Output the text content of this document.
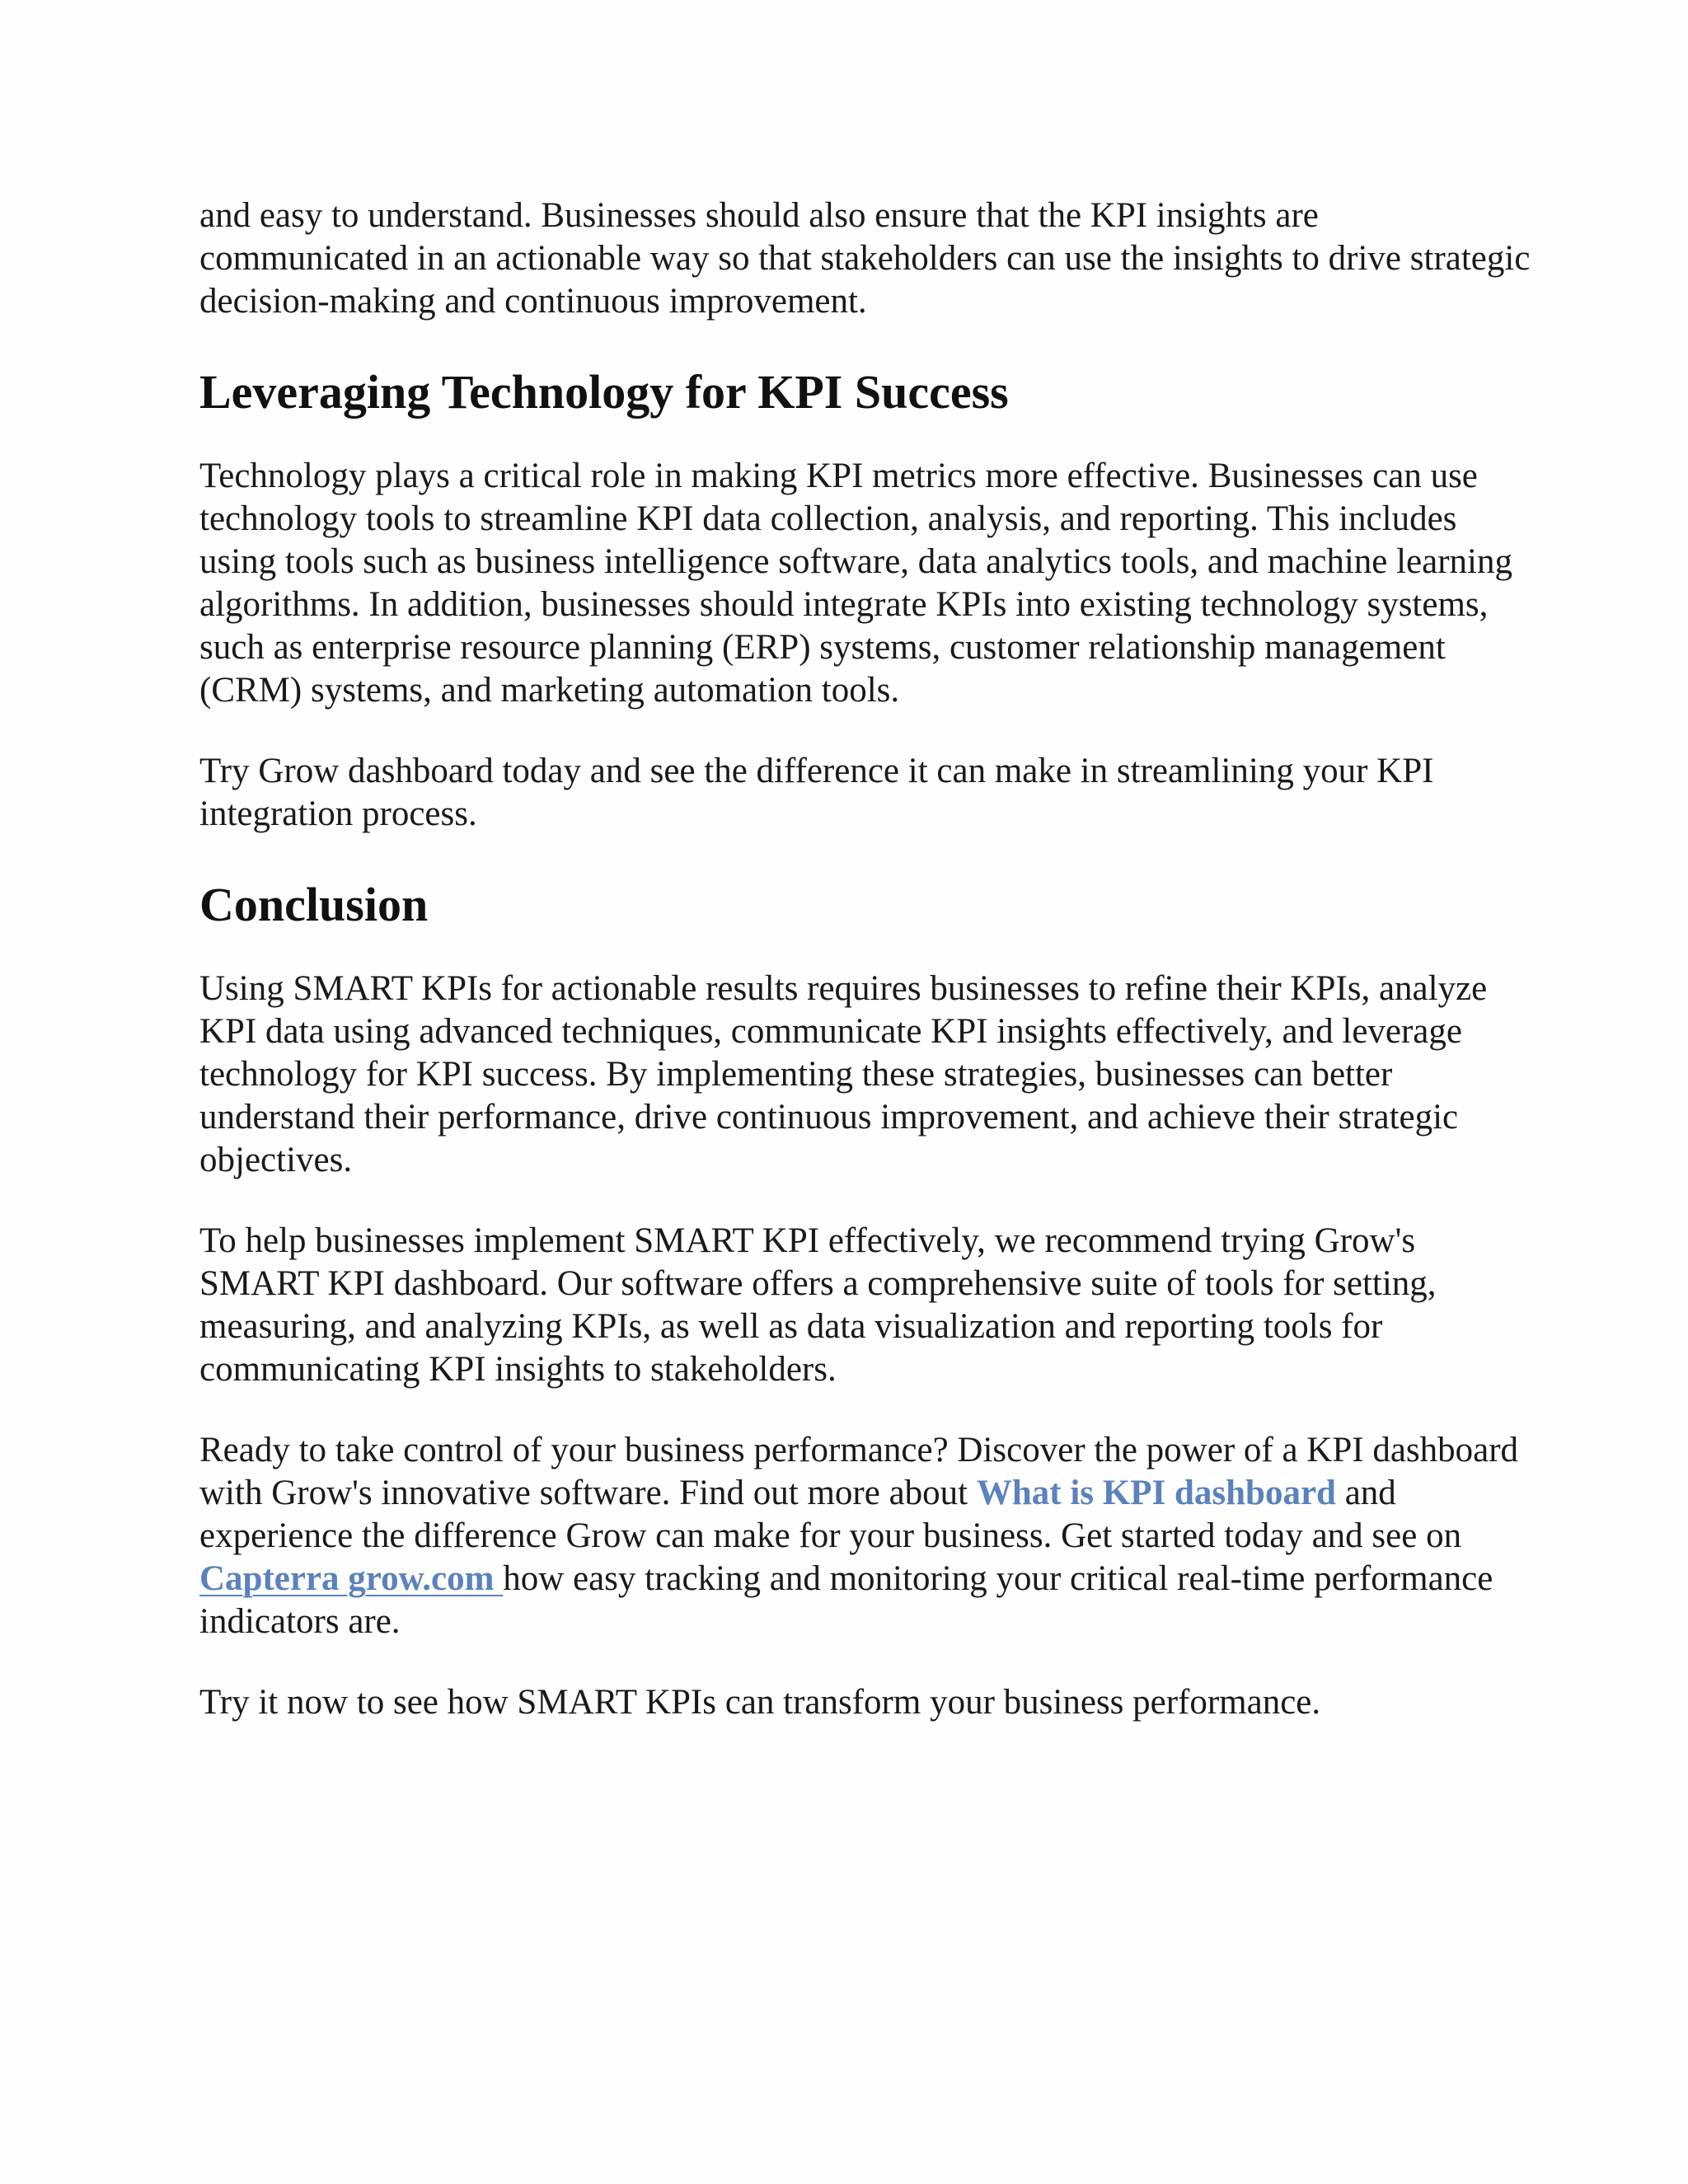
and easy to understand. Businesses should also ensure that the KPI insights are communicated in an actionable way so that stakeholders can use the insights to drive strategic decision-making and continuous improvement.

Leveraging Technology for KPI Success

Technology plays a critical role in making KPI metrics more effective. Businesses can use technology tools to streamline KPI data collection, analysis, and reporting. This includes using tools such as business intelligence software, data analytics tools, and machine learning algorithms. In addition, businesses should integrate KPIs into existing technology systems, such as enterprise resource planning (ERP) systems, customer relationship management (CRM) systems, and marketing automation tools.

Try Grow dashboard today and see the difference it can make in streamlining your KPI integration process.

Conclusion

Using SMART KPIs for actionable results requires businesses to refine their KPIs, analyze KPI data using advanced techniques, communicate KPI insights effectively, and leverage technology for KPI success. By implementing these strategies, businesses can better understand their performance, drive continuous improvement, and achieve their strategic objectives.

To help businesses implement SMART KPI effectively, we recommend trying Grow's SMART KPI dashboard. Our software offers a comprehensive suite of tools for setting, measuring, and analyzing KPIs, as well as data visualization and reporting tools for communicating KPI insights to stakeholders.

Ready to take control of your business performance? Discover the power of a KPI dashboard with Grow's innovative software. Find out more about What is KPI dashboard and experience the difference Grow can make for your business. Get started today and see on Capterra grow.com how easy tracking and monitoring your critical real-time performance indicators are.

Try it now to see how SMART KPIs can transform your business performance.
